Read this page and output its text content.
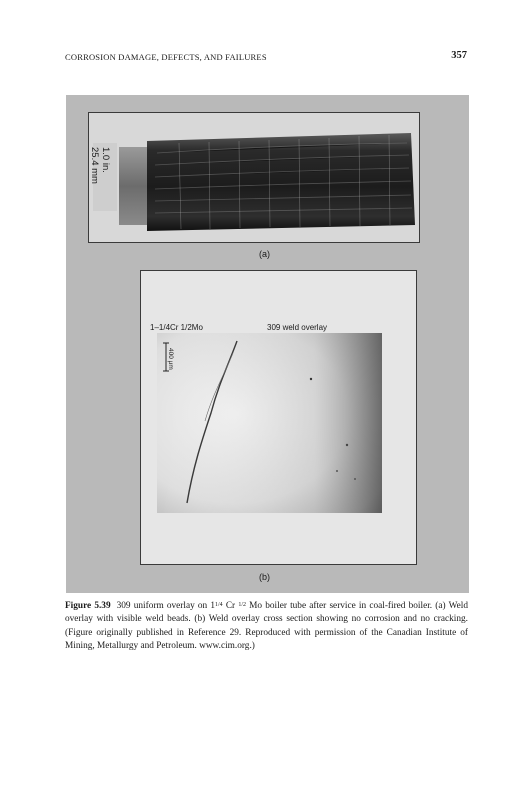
CORROSION DAMAGE, DEFECTS, AND FAILURES	357
1.0 in.
25.4 mm
(a)
1–1/4Cr 1/2Mo	309 weld overlay
400 μm
(b)
Figure 5.39 309 uniform overlay on $1^{1/4}$ Cr $^{1/2}$ Mo boiler tube after service in coal-fired boiler. (a) Weld overlay with visible weld beads. (b) Weld overlay cross section showing no corrosion and no cracking. (Figure originally published in Reference 29. Reproduced with permission of the Canadian Institute of Mining, Metallurgy and Petroleum. www.cim.org.)
